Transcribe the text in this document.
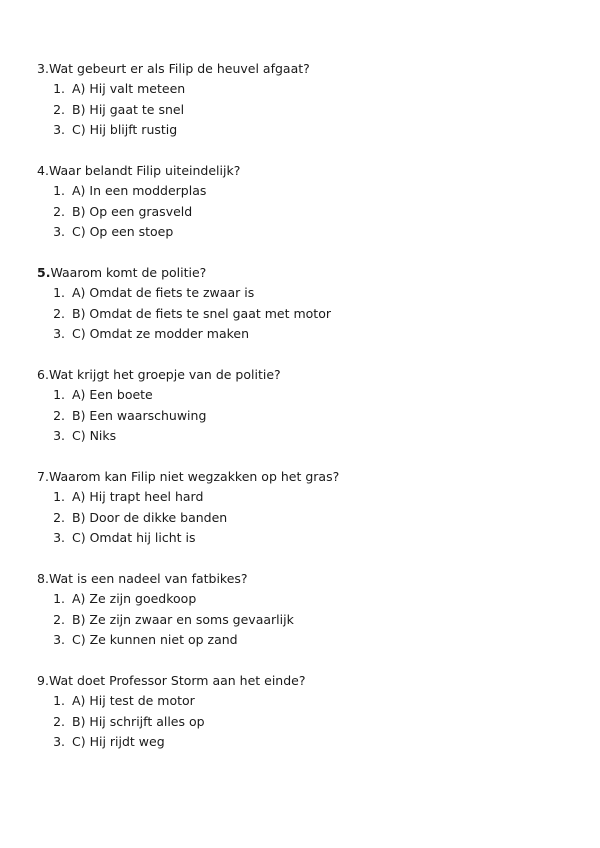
3.Wat gebeurt er als Filip de heuvel afgaat?
1. A) Hij valt meteen
2. B) Hij gaat te snel
3. C) Hij blijft rustig
4.Waar belandt Filip uiteindelijk?
1. A) In een modderplas
2. B) Op een grasveld
3. C) Op een stoep
5.Waarom komt de politie?
1. A) Omdat de fiets te zwaar is
2. B) Omdat de fiets te snel gaat met motor
3. C) Omdat ze modder maken
6.Wat krijgt het groepje van de politie?
1. A) Een boete
2. B) Een waarschuwing
3. C) Niks
7.Waarom kan Filip niet wegzakken op het gras?
1. A) Hij trapt heel hard
2. B) Door de dikke banden
3. C) Omdat hij licht is
8.Wat is een nadeel van fatbikes?
1. A) Ze zijn goedkoop
2. B) Ze zijn zwaar en soms gevaarlijk
3. C) Ze kunnen niet op zand
9.Wat doet Professor Storm aan het einde?
1. A) Hij test de motor
2. B) Hij schrijft alles op
3. C) Hij rijdt weg
